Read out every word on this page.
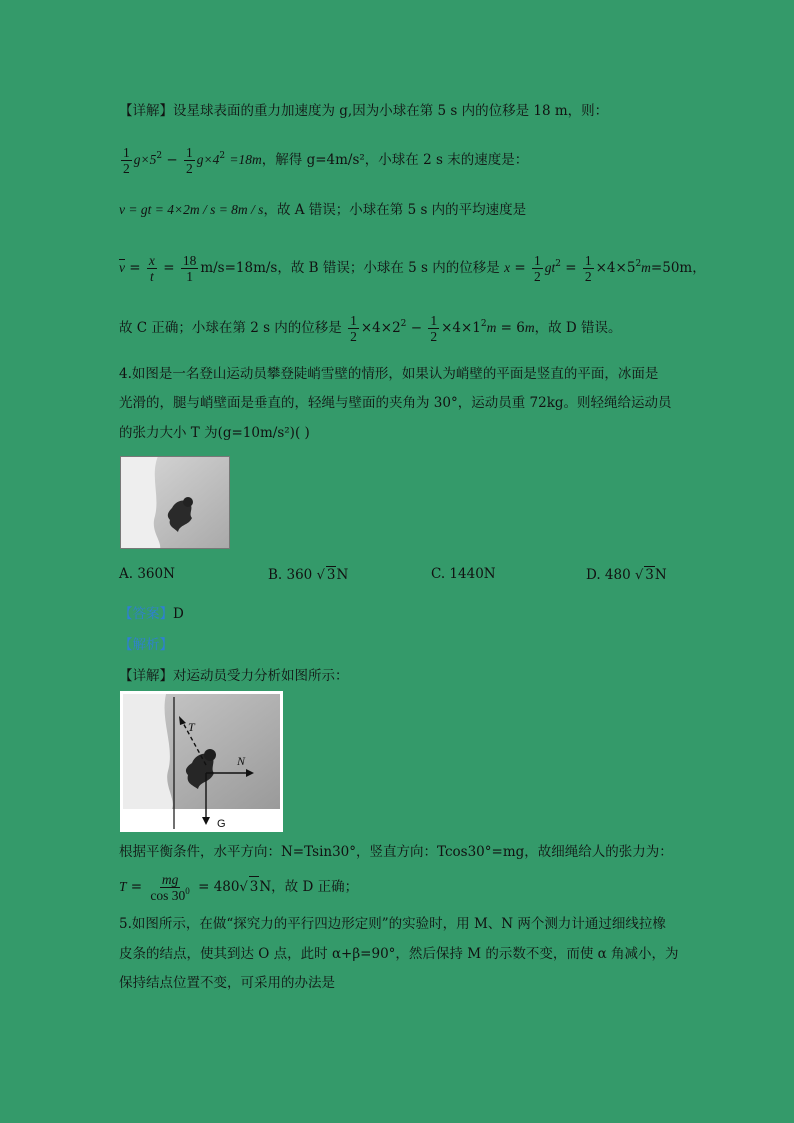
【详解】设星球表面的重力加速度为 g,因为小球在第 5 s 内的位移是 18 m，则：
$\frac{1}{2} g\times 5^2 - \frac{1}{2} g\times 4^2 =18m$，解得 g=4m/s²，小球在 2 s 末的速度是：
v = gt = 4×2m / s = 8m / s，故 A 错误；小球在第 5 s 内的平均速度是
$\overline{v} = \frac{x}{t} = \frac{18}{1} m/s=18m/s$，故 B 错误；小球在 5 s 内的位移是 $x = \frac{1}{2} gt^2 = \frac{1}{2} \times 4\times 5^2m=50m$，
故 C 正确；小球在第 2 s 内的位移是 $\frac{1}{2} \times 4\times 2^2 - \frac{1}{2} \times 4\times 1^2m = 6m$，故 D 错误。
4.如图是一名登山运动员攀登陡峭雪壁的情形，如果认为峭壁的平面是竖直的平面，冰面是
光滑的，腿与峭壁面是垂直的，轻绳与壁面的夹角为 30°，运动员重 72kg。则轻绳给运动员
的张力大小 T 为(g=10m/s²)( )
A. 360N	B. 360 √ 3N	C. 1440N	D. 480 √ 3N
【答案】D
【解析】
【详解】对运动员受力分析如图所示：
T
N
G
根据平衡条件，水平方向：N=Tsin30°，竖直方向：Tcos30°=mg，故细绳给人的张力为：
$T = \frac{mg}{\cos 30^0} = 480√$ 3N，故 D 正确；
5.如图所示，在做“探究力的平行四边形定则”的实验时，用 M、N 两个测力计通过细线拉橡
皮条的结点，使其到达 O 点，此时 α+β=90°，然后保持 M 的示数不变，而使 α 角减小，为
保持结点位置不变，可采用的办法是
